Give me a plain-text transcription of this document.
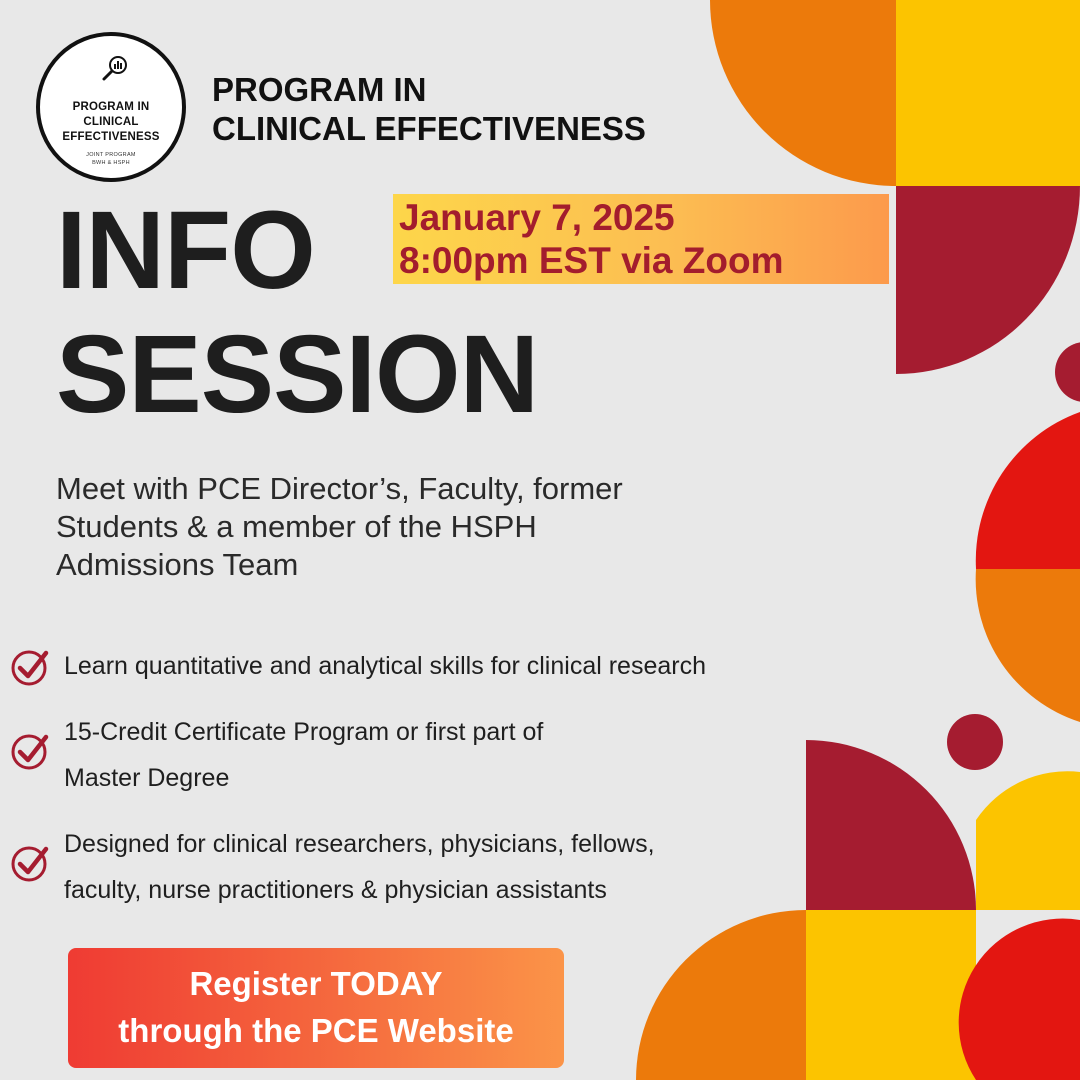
PROGRAM IN
CLINICAL
EFFECTIVENESS
JOINT PROGRAM
BWH & HSPH
PROGRAM IN
CLINICAL EFFECTIVENESS
INFO
SESSION
January 7, 2025
8:00pm EST via Zoom
Meet with PCE Director’s, Faculty, former
Students & a member of the HSPH
Admissions Team
Learn quantitative and analytical skills for clinical research
15-Credit Certificate Program or first part of
Master Degree
Designed for clinical researchers, physicians, fellows,
faculty, nurse practitioners & physician assistants
Register TODAY
through the PCE Website
